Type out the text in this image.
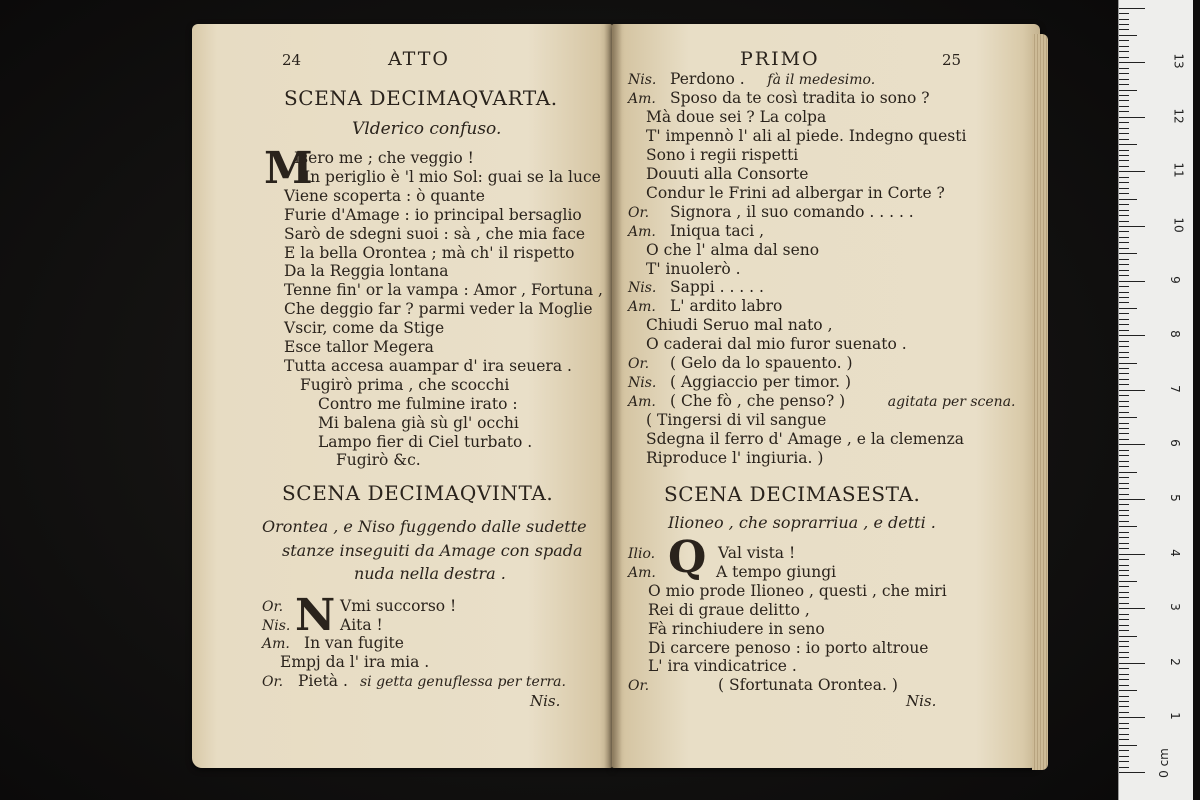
24	ATTO
SCENA DECIMAQVARTA.
Vlderico confuso.
M
Isero me ; che veggio !
In periglio è 'l mio Sol: guai se la luce
Viene scoperta : ò quante
Furie d'Amage : io principal bersaglio
Sarò de sdegni suoi : sà , che mia face
E la bella Orontea ; mà ch' il rispetto
Da la Reggia lontana
Tenne fin' or la vampa : Amor , Fortuna ,
Che deggio far ? parmi veder la Moglie
Vscir, come da Stige
Esce tallor Megera
Tutta accesa auampar d' ira seuera .
Fugirò prima , che scocchi
Contro me fulmine irato :
Mi balena già sù gl' occhi
Lampo fier di Ciel turbato .
Fugirò &c.
SCENA DECIMAQVINTA.
Orontea , e Niso fuggendo dalle sudette
stanze inseguiti da Amage con spada
nuda nella destra .
N
Or.	Vmi succorso !
Nis.	Aita !
Am. In van fugite
Empj da l' ira mia .
Or. Pietà . si getta genuflessa per terra.
Nis.
PRIMO	25
Nis. Perdono . fà il medesimo.
Am. Sposo da te così tradita io sono ?
Mà doue sei ? La colpa
T' impennò l' ali al piede. Indegno questi
Sono i regii rispetti
Douuti alla Consorte
Condur le Frini ad albergar in Corte ?
Or. Signora , il suo comando . . . . .
Am. Iniqua taci ,
O che l' alma dal seno
T' inuolerò .
Nis. Sappi . . . . .
Am. L' ardito labro
Chiudi Seruo mal nato ,
O caderai dal mio furor suenato .
Or. ( Gelo da lo spauento. )
Nis. ( Aggiaccio per timor. )
Am. ( Che fò , che penso? )	agitata per scena.
( Tingersi di vil sangue
Sdegna il ferro d' Amage , e la clemenza
Riproduce l' ingiuria. )
SCENA DECIMASESTA.
Ilioneo , che soprarriua , e detti .
Q
Ilio.	Val vista !
Am.	A tempo giungi
O mio prode Ilioneo , questi , che miri
Rei di graue delitto ,
Fà rinchiudere in seno
Di carcere penoso : io porto altroue
L' ira vindicatrice .
Or.	( Sfortunata Orontea. )
Nis.
1
2
3
4
5
6
7
8
9
10
11
12
13
0 cm
